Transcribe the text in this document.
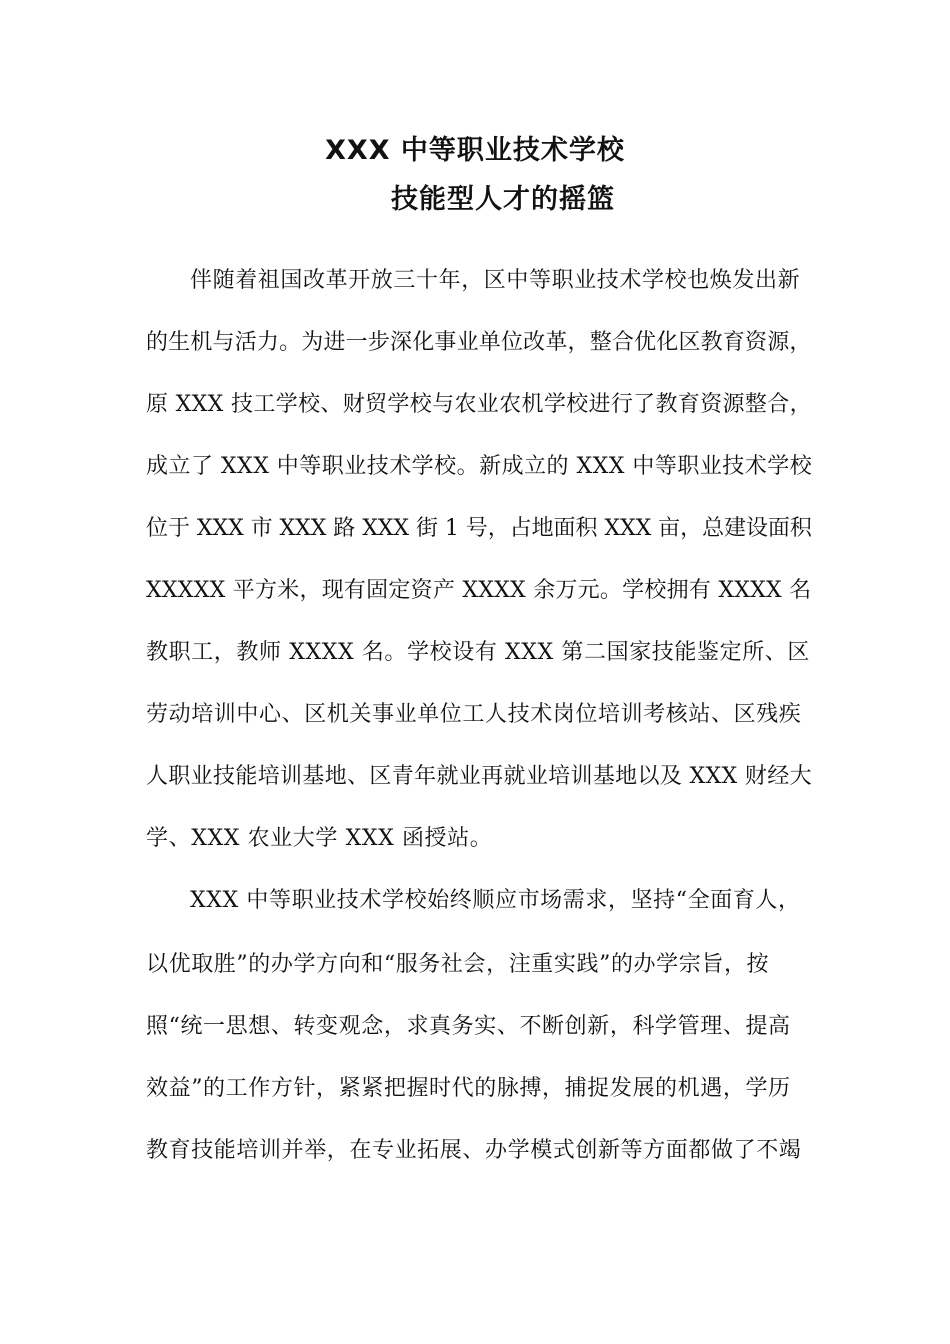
XXX 中等职业技术学校
技能型人才的摇篮
伴随着祖国改革开放三十年，区中等职业技术学校也焕发出新
的生机与活力。为进一步深化事业单位改革，整合优化区教育资源，
原 XXX 技工学校、财贸学校与农业农机学校进行了教育资源整合，
成立了 XXX 中等职业技术学校。新成立的 XXX 中等职业技术学校
位于 XXX 市 XXX 路 XXX 街 1 号，占地面积 XXX 亩，总建设面积
XXXXX 平方米，现有固定资产 XXXX 余万元。学校拥有 XXXX 名
教职工，教师 XXXX 名。学校设有 XXX 第二国家技能鉴定所、区
劳动培训中心、区机关事业单位工人技术岗位培训考核站、区残疾
人职业技能培训基地、区青年就业再就业培训基地以及 XXX 财经大
学、XXX 农业大学 XXX 函授站。
XXX 中等职业技术学校始终顺应市场需求，坚持“全面育人，
以优取胜”的办学方向和“服务社会，注重实践”的办学宗旨，按
照“统一思想、转变观念，求真务实、不断创新，科学管理、提高
效益”的工作方针，紧紧把握时代的脉搏，捕捉发展的机遇，学历
教育技能培训并举，在专业拓展、办学模式创新等方面都做了不竭
